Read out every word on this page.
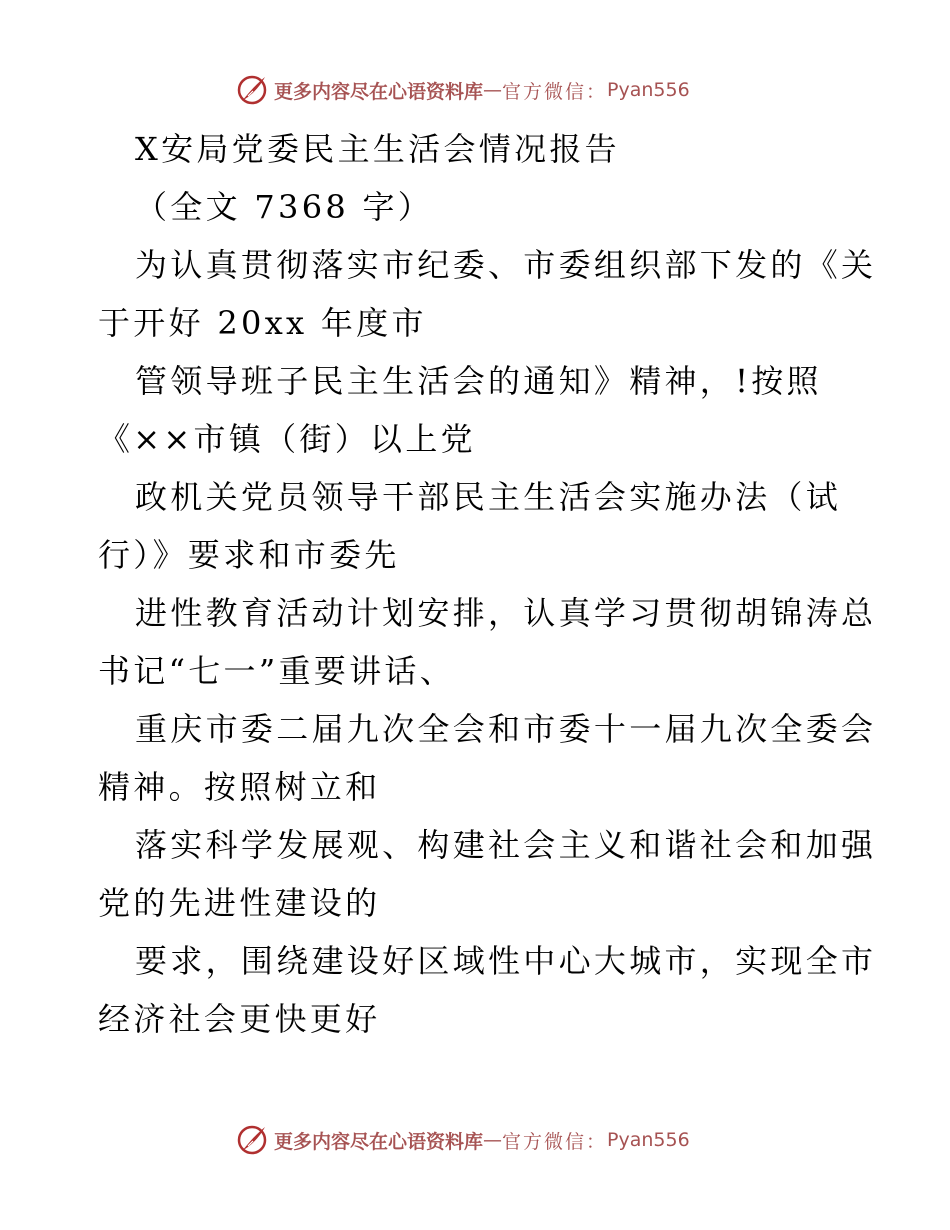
更多内容尽在心语资料库 — 官方微信： Pyan556
X安局党委民主生活会情况报告
（全文 7368 字）
为认真贯彻落实市纪委、市委组织部下发的《关
于开好 20xx 年度市
管领导班子民主生活会的通知》精神，!按照
《××市镇（街）以上党
政机关党员领导干部民主生活会实施办法（试
行）》要求和市委先
进性教育活动计划安排，认真学习贯彻胡锦涛总
书记“七一”重要讲话、
重庆市委二届九次全会和市委十一届九次全委会
精神。按照树立和
落实科学发展观、构建社会主义和谐社会和加强
党的先进性建设的
要求，围绕建设好区域性中心大城市，实现全市
经济社会更快更好
更多内容尽在心语资料库 — 官方微信： Pyan556
